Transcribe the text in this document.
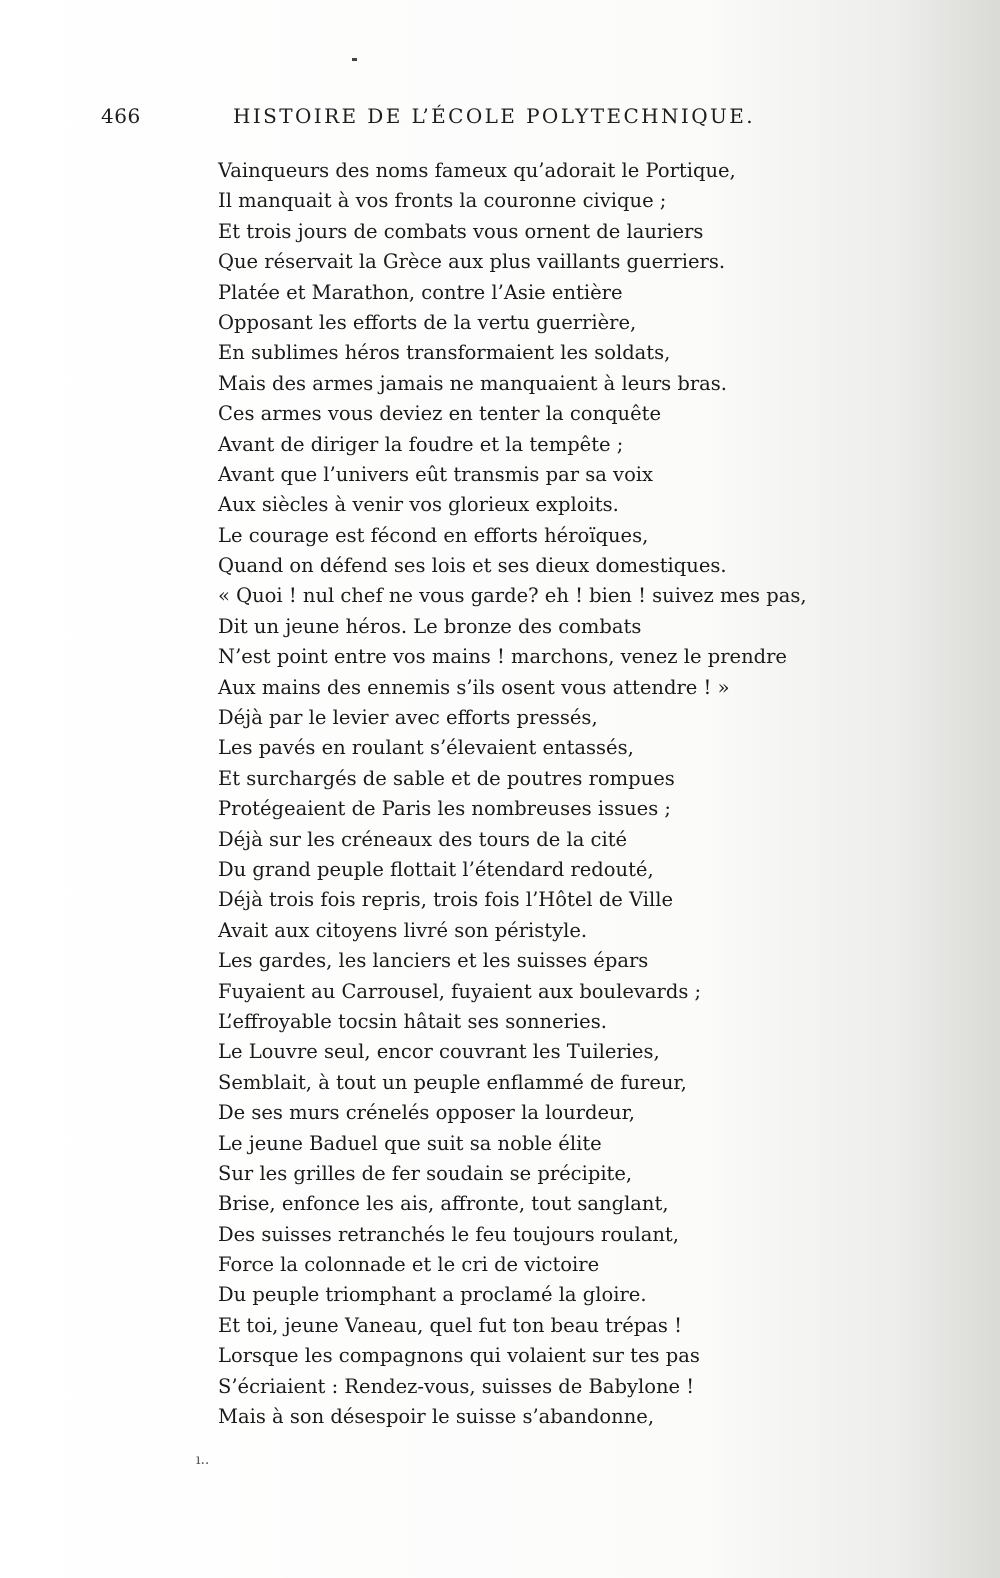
466	HISTOIRE DE L’ÉCOLE POLYTECHNIQUE.
Vainqueurs des noms fameux qu’adorait le Portique,
Il manquait à vos fronts la couronne civique ;
Et trois jours de combats vous ornent de lauriers
Que réservait la Grèce aux plus vaillants guerriers.
Platée et Marathon, contre l’Asie entière
Opposant les efforts de la vertu guerrière,
En sublimes héros transformaient les soldats,
Mais des armes jamais ne manquaient à leurs bras.
Ces armes vous deviez en tenter la conquête
Avant de diriger la foudre et la tempête ;
Avant que l’univers eût transmis par sa voix
Aux siècles à venir vos glorieux exploits.
Le courage est fécond en efforts héroïques,
Quand on défend ses lois et ses dieux domestiques.
« Quoi ! nul chef ne vous garde? eh ! bien ! suivez mes pas,
Dit un jeune héros. Le bronze des combats
N’est point entre vos mains ! marchons, venez le prendre
Aux mains des ennemis s’ils osent vous attendre ! »
Déjà par le levier avec efforts pressés,
Les pavés en roulant s’élevaient entassés,
Et surchargés de sable et de poutres rompues
Protégeaient de Paris les nombreuses issues ;
Déjà sur les créneaux des tours de la cité
Du grand peuple flottait l’étendard redouté,
Déjà trois fois repris, trois fois l’Hôtel de Ville
Avait aux citoyens livré son péristyle.
Les gardes, les lanciers et les suisses épars
Fuyaient au Carrousel, fuyaient aux boulevards ;
L’effroyable tocsin hâtait ses sonneries.
Le Louvre seul, encor couvrant les Tuileries,
Semblait, à tout un peuple enflammé de fureur,
De ses murs crénelés opposer la lourdeur,
Le jeune Baduel que suit sa noble élite
Sur les grilles de fer soudain se précipite,
Brise, enfonce les ais, affronte, tout sanglant,
Des suisses retranchés le feu toujours roulant,
Force la colonnade et le cri de victoire
Du peuple triomphant a proclamé la gloire.
Et toi, jeune Vaneau, quel fut ton beau trépas !
Lorsque les compagnons qui volaient sur tes pas
S’écriaient : Rendez-vous, suisses de Babylone !
Mais à son désespoir le suisse s’abandonne,
ı..
